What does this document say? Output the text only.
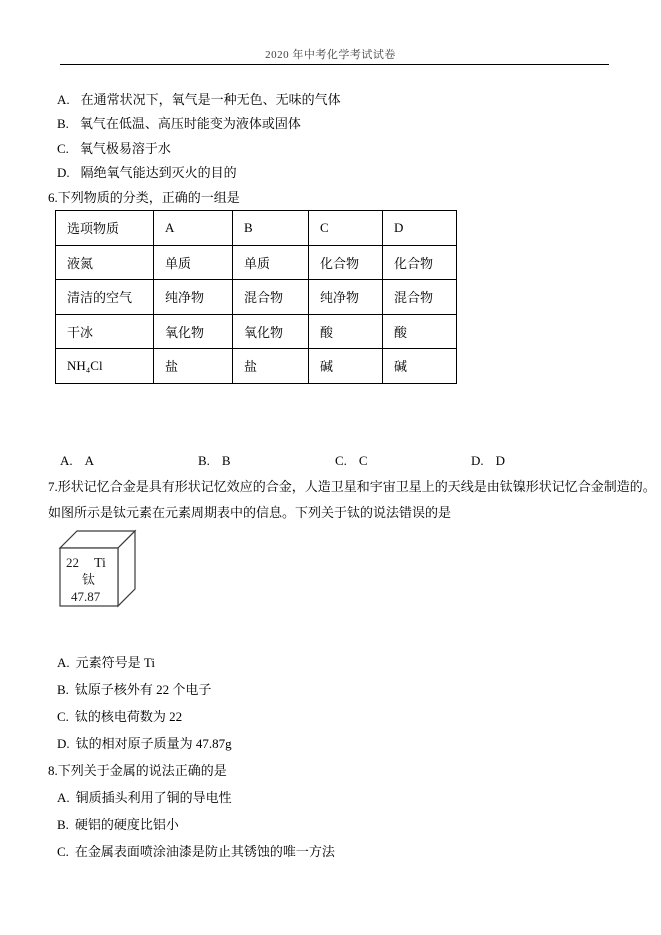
2020 年中考化学考试试卷
A. 在通常状况下，氧气是一种无色、无味的气体
B. 氧气在低温、高压时能变为液体或固体
C. 氧气极易溶于水
D. 隔绝氧气能达到灭火的目的
6.下列物质的分类，正确的一组是
选项物质	A	B	C	D
液氮	单质	单质	化合物	化合物
清洁的空气	纯净物	混合物	纯净物	混合物
干冰	氧化物	氧化物	酸	酸
NH₄Cl	盐	盐	碱	碱
A. A	B. B	C. C	D. D
7.形状记忆合金是具有形状记忆效应的合金，人造卫星和宇宙卫星上的天线是由钛镍形状记忆合金制造的。
如图所示是钛元素在元素周期表中的信息。下列关于钛的说法错误的是
22 Ti
钛
47.87
A. 元素符号是 Ti
B. 钛原子核外有 22 个电子
C. 钛的核电荷数为 22
D. 钛的相对原子质量为 47.87g
8.下列关于金属的说法正确的是
A. 铜质插头利用了铜的导电性
B. 硬铝的硬度比铝小
C. 在金属表面喷涂油漆是防止其锈蚀的唯一方法
